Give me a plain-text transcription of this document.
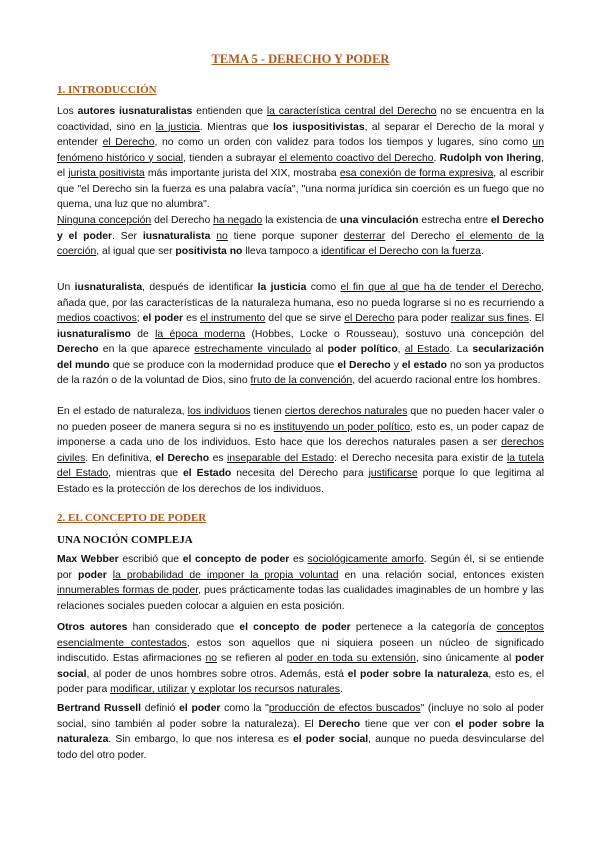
TEMA 5 - DERECHO Y PODER
1. INTRODUCCIÓN

Los autores iusnaturalistas entienden que la característica central del Derecho no se encuentra en la coactividad, sino en la justicia. Mientras que los iuspositivistas, al separar el Derecho de la moral y entender el Derecho, no como un orden con validez para todos los tiempos y lugares, sino como un fenómeno histórico y social, tienden a subrayar el elemento coactivo del Derecho. Rudolph von Ihering, el jurista positivista más importante jurista del XIX, mostraba esa conexión de forma expresiva, al escribir que "el Derecho sin la fuerza es una palabra vacía", "una norma jurídica sin coerción es un fuego que no quema, una luz que no alumbra".

Ninguna concepción del Derecho ha negado la existencia de una vinculación estrecha entre el Derecho y el poder. Ser iusnaturalista no tiene porque suponer desterrar del Derecho el elemento de la coerción, al igual que ser positivista no lleva tampoco a identificar el Derecho con la fuerza.

Un iusnaturalista, después de identificar la justicia como el fin que al que ha de tender el Derecho, añada que, por las características de la naturaleza humana, eso no pueda lograrse si no es recurriendo a medios coactivos; el poder es el instrumento del que se sirve el Derecho para poder realizar sus fines. El iusnaturalismo de la época moderna (Hobbes, Locke o Rousseau), sostuvo una concepción del Derecho en la que aparece estrechamente vinculado al poder político, al Estado. La secularización del mundo que se produce con la modernidad produce que el Derecho y el estado no son ya productos de la razón o de la voluntad de Dios, sino fruto de la convención, del acuerdo racional entre los hombres.

En el estado de naturaleza, los individuos tienen ciertos derechos naturales que no pueden hacer valer o no pueden poseer de manera segura si no es instituyendo un poder político, esto es, un poder capaz de imponerse a cada uno de los individuos. Esto hace que los derechos naturales pasen a ser derechos civiles. En definitiva, el Derecho es inseparable del Estado: el Derecho necesita para existir de la tutela del Estado, mientras que el Estado necesita del Derecho para justificarse porque lo que legitima al Estado es la protección de los derechos de los individuos.

2. EL CONCEPTO DE PODER
UNA NOCIÓN COMPLEJA

Max Webber escribió que el concepto de poder es sociológicamente amorfo. Según él, si se entiende por poder la probabilidad de imponer la propia voluntad en una relación social, entonces existen innumerables formas de poder, pues prácticamente todas las cualidades imaginables de un hombre y las relaciones sociales pueden colocar a alguien en esta posición.

Otros autores han considerado que el concepto de poder pertenece a la categoría de conceptos esencialmente contestados, estos son aquellos que ni siquiera poseen un núcleo de significado indiscutido. Estas afirmaciones no se refieren al poder en toda su extensión, sino únicamente al poder social, al poder de unos hombres sobre otros. Además, está el poder sobre la naturaleza, esto es, el poder para modificar, utilizar y explotar los recursos naturales.

Bertrand Russell definió el poder como la "producción de efectos buscados" (incluye no solo al poder social, sino también al poder sobre la naturaleza). El Derecho tiene que ver con el poder sobre la naturaleza. Sin embargo, lo que nos interesa es el poder social, aunque no pueda desvincularse del todo del otro poder.
